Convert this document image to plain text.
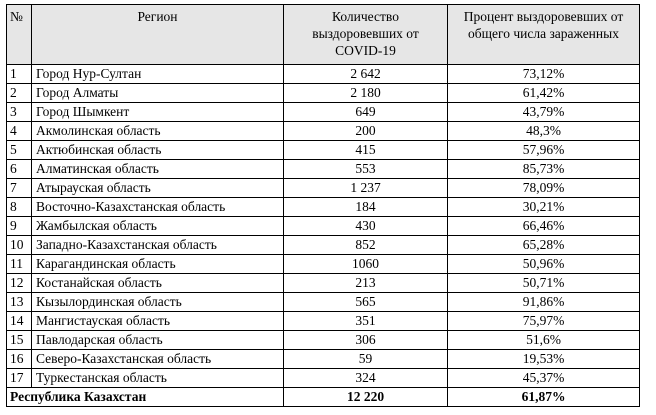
№	Регион	Количество выздоровевших от COVID-19	Процент выздоровевших от общего числа зараженных
1	Город Нур-Султан	2 642	73,12%
2	Город Алматы	2 180	61,42%
3	Город Шымкент	649	43,79%
4	Акмолинская область	200	48,3%
5	Актюбинская область	415	57,96%
6	Алматинская область	553	85,73%
7	Атырауская область	1 237	78,09%
8	Восточно-Казахстанская область	184	30,21%
9	Жамбылская область	430	66,46%
10	Западно-Казахстанская область	852	65,28%
11	Карагандинская область	1060	50,96%
12	Костанайская область	213	50,71%
13	Кызылординская область	565	91,86%
14	Мангистауская область	351	75,97%
15	Павлодарская область	306	51,6%
16	Северо-Казахстанская область	59	19,53%
17	Туркестанская область	324	45,37%
Республика Казахстан		12 220	61,87%
